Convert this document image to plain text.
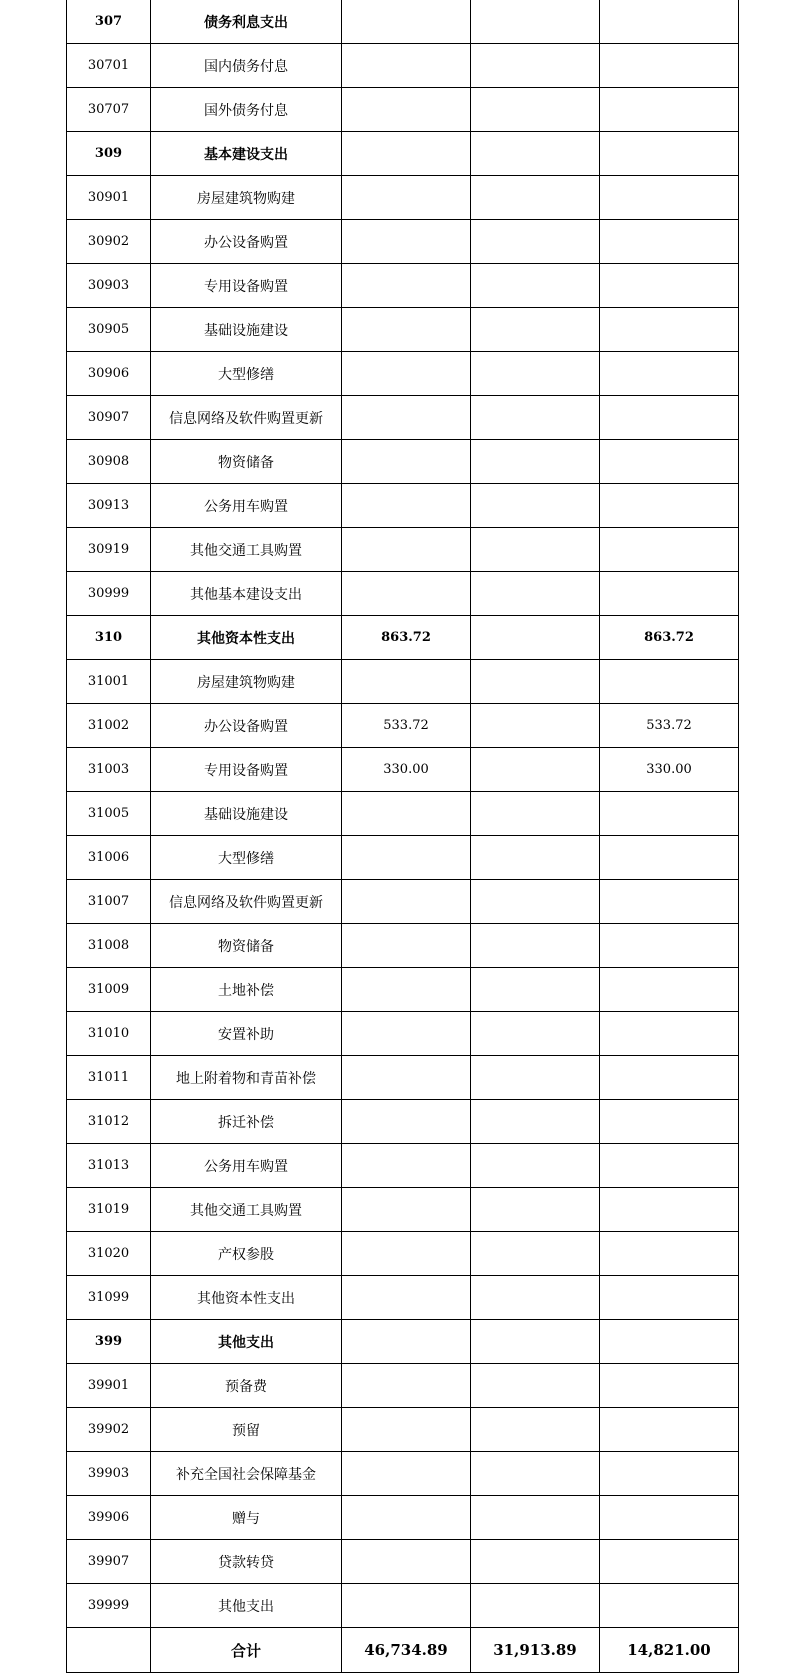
307	债务利息支出			
30701	国内债务付息			
30707	国外债务付息			
309	基本建设支出			
30901	房屋建筑物购建			
30902	办公设备购置			
30903	专用设备购置			
30905	基础设施建设			
30906	大型修缮			
30907	信息网络及软件购置更新			
30908	物资储备			
30913	公务用车购置			
30919	其他交通工具购置			
30999	其他基本建设支出			
310	其他资本性支出	863.72		863.72
31001	房屋建筑物购建			
31002	办公设备购置	533.72		533.72
31003	专用设备购置	330.00		330.00
31005	基础设施建设			
31006	大型修缮			
31007	信息网络及软件购置更新			
31008	物资储备			
31009	土地补偿			
31010	安置补助			
31011	地上附着物和青苗补偿			
31012	拆迁补偿			
31013	公务用车购置			
31019	其他交通工具购置			
31020	产权参股			
31099	其他资本性支出			
399	其他支出			
39901	预备费			
39902	预留			
39903	补充全国社会保障基金			
39906	赠与			
39907	贷款转贷			
39999	其他支出			
	合计	46,734.89	31,913.89	14,821.00
